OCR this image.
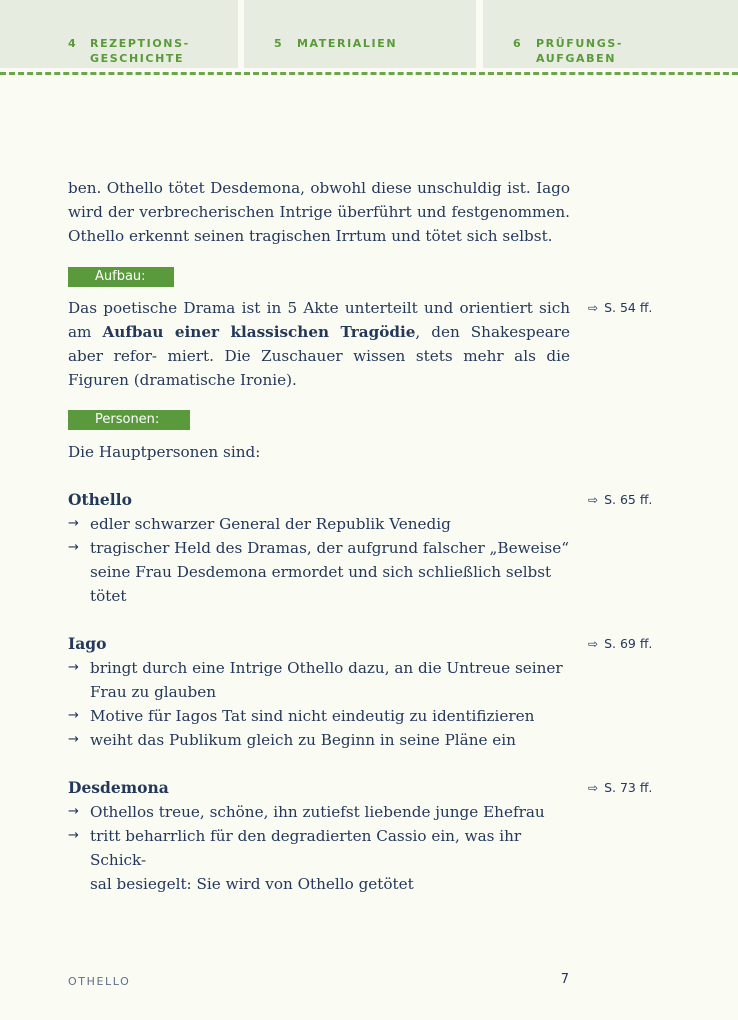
4 REZEPTIONS-
GESCHICHTE
5 MATERIALIEN	6 PRÜFUNGS-
AUFGABEN

ben. Othello tötet Desdemona, obwohl diese unschuldig ist. Iago wird der verbrecherischen Intrige überführt und festgenommen. Othello erkennt seinen tragischen Irrtum und tötet sich selbst.

Aufbau:

Das poetische Drama ist in 5 Akte unterteilt und orientiert sich am Aufbau einer klassischen Tragödie, den Shakespeare aber refor- miert. Die Zuschauer wissen stets mehr als die Figuren (dramatische Ironie).

⇨ S. 54 ff.
Personen:

Die Hauptpersonen sind:

Othello	⇨ S. 65 ff.
→ edler schwarzer General der Republik Venedig
→ tragischer Held des Dramas, der aufgrund falscher „Beweise“
seine Frau Desdemona ermordet und sich schließlich selbst
tötet
Iago	⇨ S. 69 ff.
→ bringt durch eine Intrige Othello dazu, an die Untreue seiner
Frau zu glauben
→ Motive für Iagos Tat sind nicht eindeutig zu identifizieren
→ weiht das Publikum gleich zu Beginn in seine Pläne ein
Desdemona	⇨ S. 73 ff.
→ Othellos treue, schöne, ihn zutiefst liebende junge Ehefrau
→ tritt beharrlich für den degradierten Cassio ein, was ihr Schick-
sal besiegelt: Sie wird von Othello getötet
OTHELLO	7
